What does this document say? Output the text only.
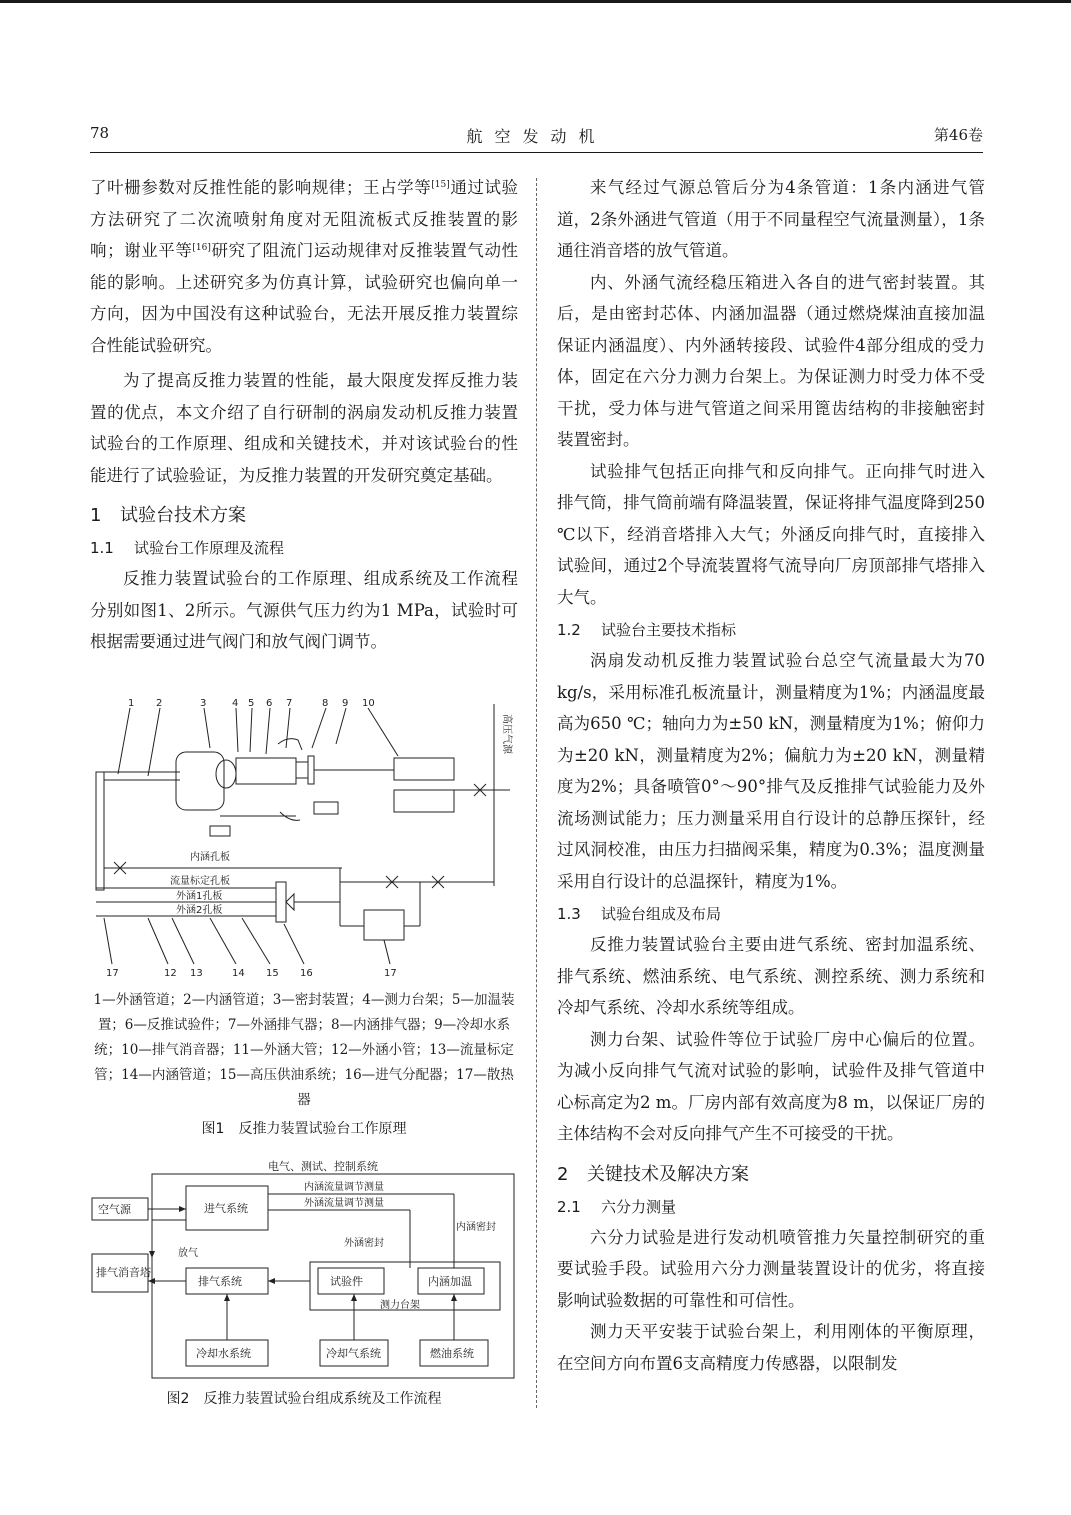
78	航空发动机	第46卷

了叶栅参数对反推性能的影响规律；王占学等[15]通过试验方法研究了二次流喷射角度对无阻流板式反推装置的影响；谢业平等[16]研究了阻流门运动规律对反推装置气动性能的影响。上述研究多为仿真计算，试验研究也偏向单一方向，因为中国没有这种试验台，无法开展反推力装置综合性能试验研究。

为了提高反推力装置的性能，最大限度发挥反推力装置的优点，本文介绍了自行研制的涡扇发动机反推力装置试验台的工作原理、组成和关键技术，并对该试验台的性能进行了试验验证，为反推力装置的开发研究奠定基础。

1 试验台技术方案
1.1 试验台工作原理及流程

反推力装置试验台的工作原理、组成系统及工作流程分别如图1、2所示。气源供气压力约为1 MPa，试验时可根据需要通过进气阀门和放气阀门调节。

1 2	3	4 5 6 7	8 9 10
17	12 13	14 15 16	17
内涵孔板
流量标定孔板
外涵1孔板
外涵2孔板
高压气源
1—外涵管道；2—内涵管道；3—密封装置；4—测力台架；5—加温装置；6—反推试验件；7—外涵排气器；8—内涵排气器；9—冷却水系统；10—排气消音器；11—外涵大管；12—外涵小管；13—流量标定管；14—内涵管道；15—高压供油系统；16—进气分配器；17—散热器
图1　反推力装置试验台工作原理
电气、测试、控制系统
空气源	进气系统
排气消音塔
排气系统
放气
内涵流量调节测量
外涵流量调节测量
外涵密封
内涵密封
试验件	内涵加温
测力台架
冷却水系统	冷却气系统	燃油系统
图2　反推力装置试验台组成系统及工作流程

来气经过气源总管后分为4条管道：1条内涵进气管道，2条外涵进气管道（用于不同量程空气流量测量），1条通往消音塔的放气管道。

内、外涵气流经稳压箱进入各自的进气密封装置。其后，是由密封芯体、内涵加温器（通过燃烧煤油直接加温保证内涵温度）、内外涵转接段、试验件4部分组成的受力体，固定在六分力测力台架上。为保证测力时受力体不受干扰，受力体与进气管道之间采用篦齿结构的非接触密封装置密封。

试验排气包括正向排气和反向排气。正向排气时进入排气筒，排气筒前端有降温装置，保证将排气温度降到250 ℃以下，经消音塔排入大气；外涵反向排气时，直接排入试验间，通过2个导流装置将气流导向厂房顶部排气塔排入大气。

1.2 试验台主要技术指标

涡扇发动机反推力装置试验台总空气流量最大为70 kg/s，采用标准孔板流量计，测量精度为1%；内涵温度最高为650 ℃；轴向力为±50 kN，测量精度为1%；俯仰力为±20 kN，测量精度为2%；偏航力为±20 kN，测量精度为2%；具备喷管0°～90°排气及反推排气试验能力及外流场测试能力；压力测量采用自行设计的总静压探针，经过风洞校准，由压力扫描阀采集，精度为0.3%；温度测量采用自行设计的总温探针，精度为1%。

1.3 试验台组成及布局

反推力装置试验台主要由进气系统、密封加温系统、排气系统、燃油系统、电气系统、测控系统、测力系统和冷却气系统、冷却水系统等组成。

测力台架、试验件等位于试验厂房中心偏后的位置。为减小反向排气气流对试验的影响，试验件及排气管道中心标高定为2 m。厂房内部有效高度为8 m，以保证厂房的主体结构不会对反向排气产生不可接受的干扰。

2 关键技术及解决方案
2.1 六分力测量

六分力试验是进行发动机喷管推力矢量控制研究的重要试验手段。试验用六分力测量装置设计的优劣，将直接影响试验数据的可靠性和可信性。

测力天平安装于试验台架上，利用刚体的平衡原理，在空间方向布置6支高精度力传感器，以限制发
